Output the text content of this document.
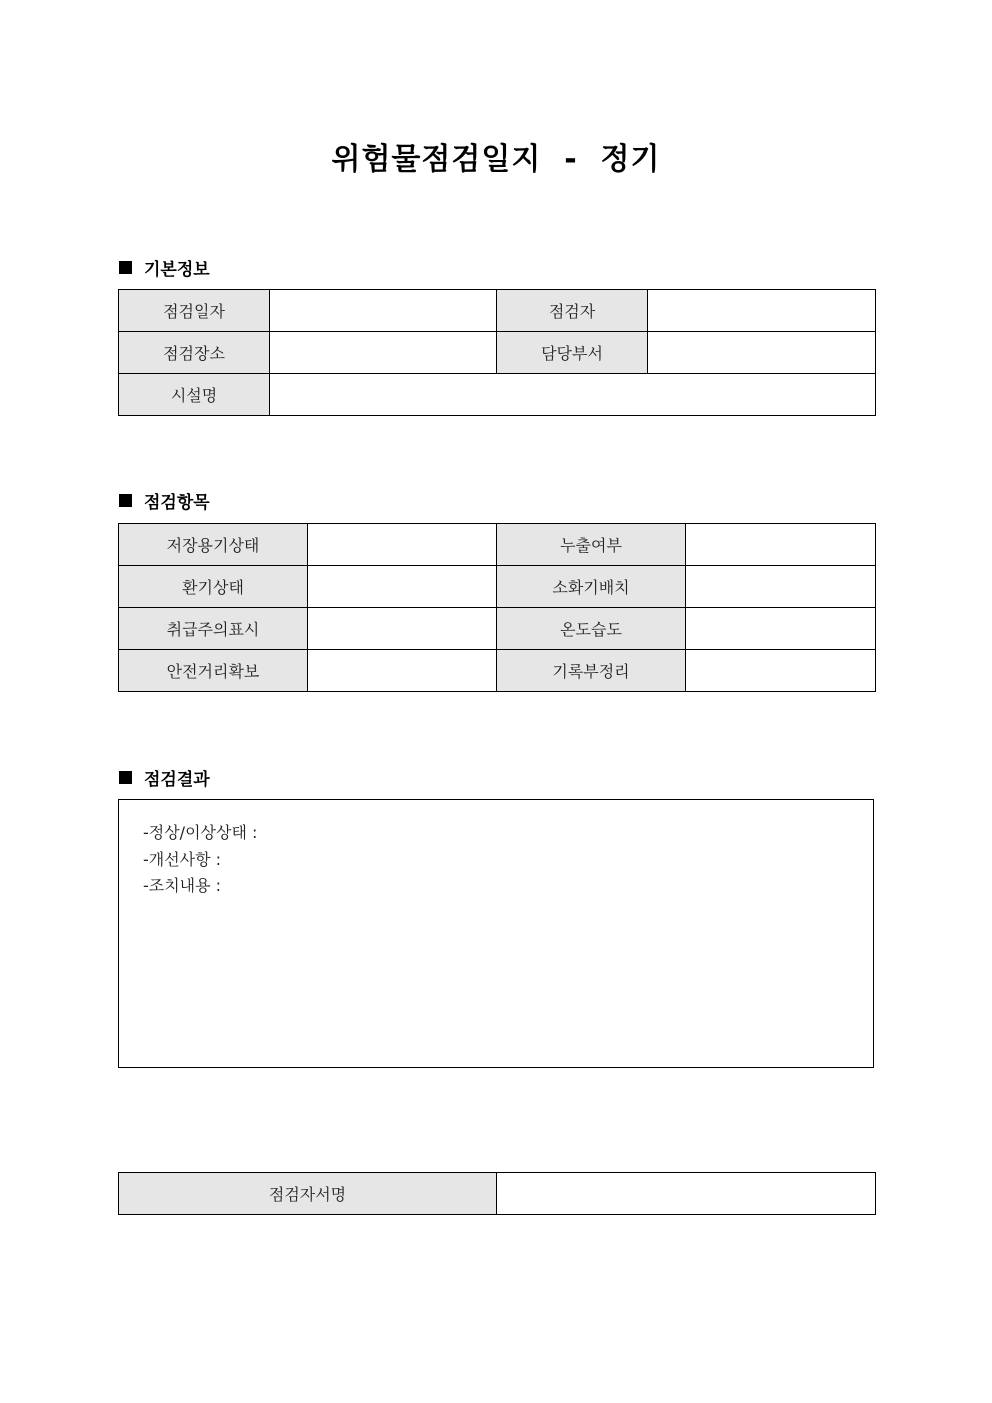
위험물점검일지  -  정기
기본정보
점검일자		점검자	
점검장소		담당부서	
시설명			
점검항목
저장용기상태		누출여부	
환기상태		소화기배치	
취급주의표시		온도습도	
안전거리확보		기록부정리	
점검결과
-정상/이상상태 :
-개선사항 :
-조치내용 :
점검자서명	
